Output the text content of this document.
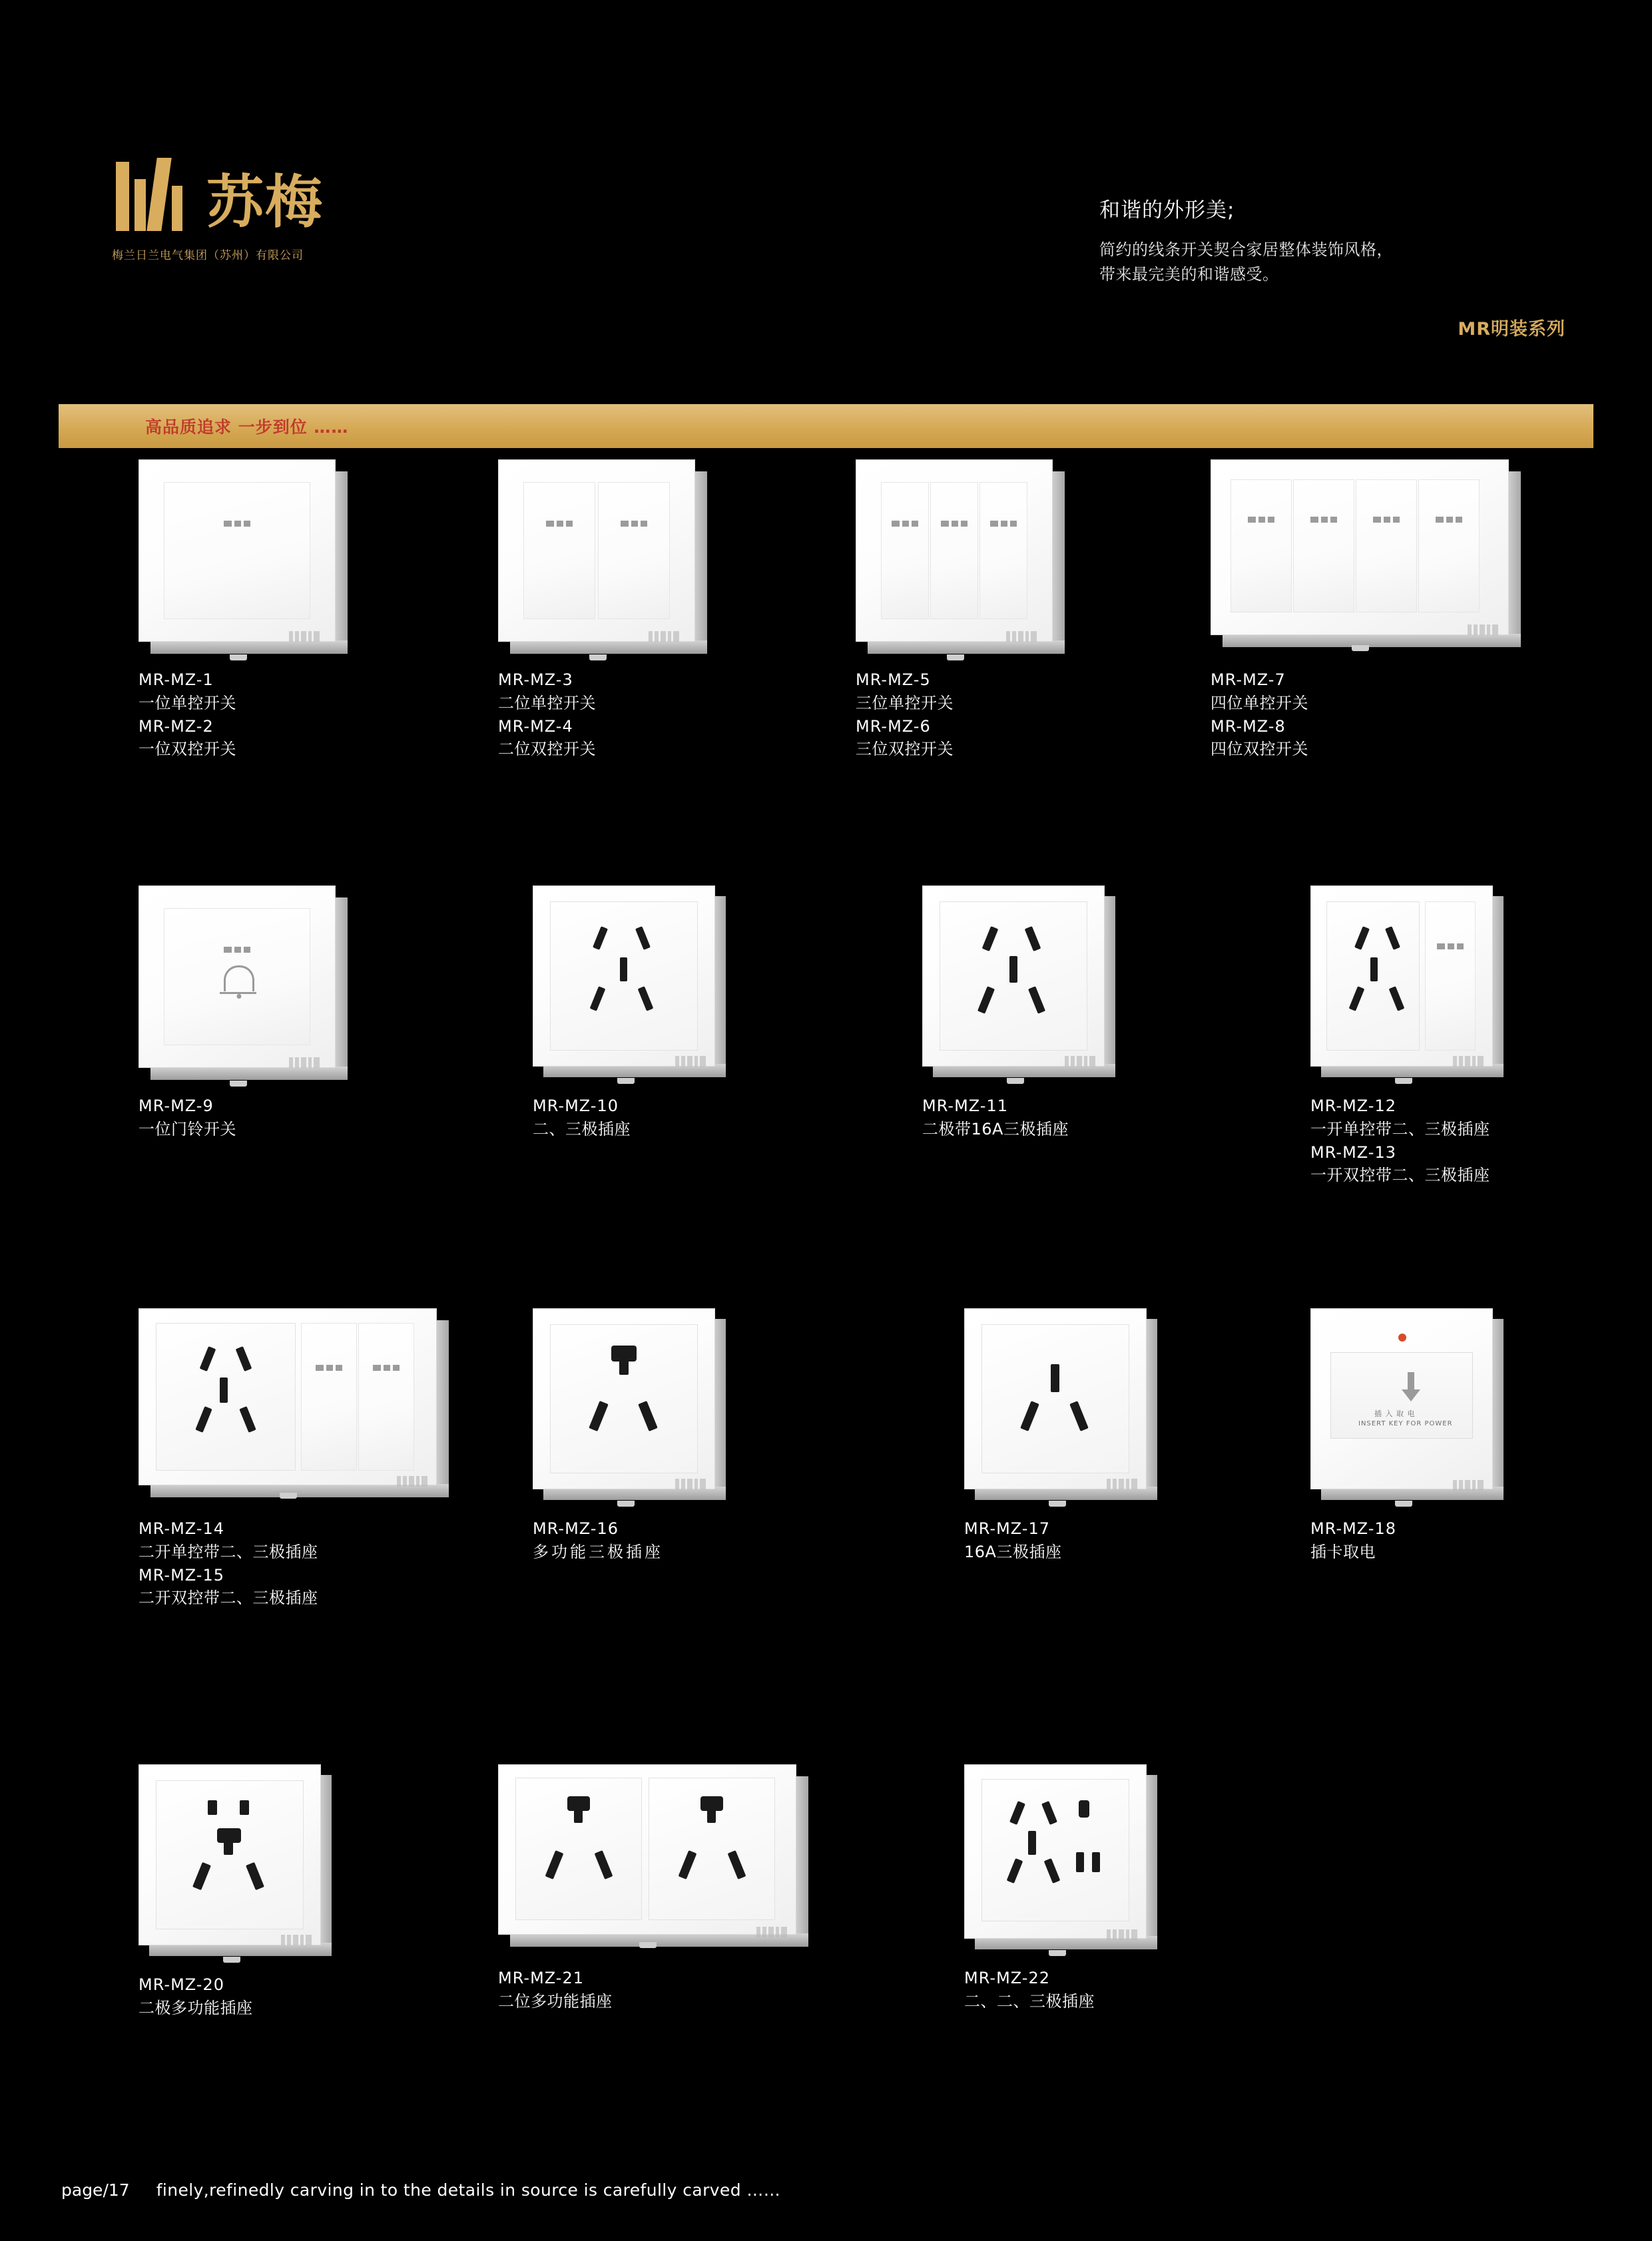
苏梅
梅兰日兰电气集团（苏州）有限公司
和谐的外形美;
简约的线条开关契合家居整体装饰风格，
带来最完美的和谐感受。
MR明装系列
高品质追求 一步到位 ……
MR-MZ-1
一位单控开关
MR-MZ-2
一位双控开关
MR-MZ-3
二位单控开关
MR-MZ-4
二位双控开关
MR-MZ-5
三位单控开关
MR-MZ-6
三位双控开关
MR-MZ-7
四位单控开关
MR-MZ-8
四位双控开关
MR-MZ-9
一位门铃开关
MR-MZ-10
二、三极插座
MR-MZ-11
二极带16A三极插座
MR-MZ-12
一开单控带二、三极插座
MR-MZ-13
一开双控带二、三极插座
MR-MZ-14
二开单控带二、三极插座
MR-MZ-15
二开双控带二、三极插座
MR-MZ-16
多功能三极插座
MR-MZ-17
16A三极插座
插 入 取 电
INSERT KEY FOR POWER
MR-MZ-18
插卡取电
MR-MZ-20
二极多功能插座
MR-MZ-21
二位多功能插座
MR-MZ-22
二、二、三极插座
page/17 finely,refinedly carving in to the details in source is carefully carved ……
